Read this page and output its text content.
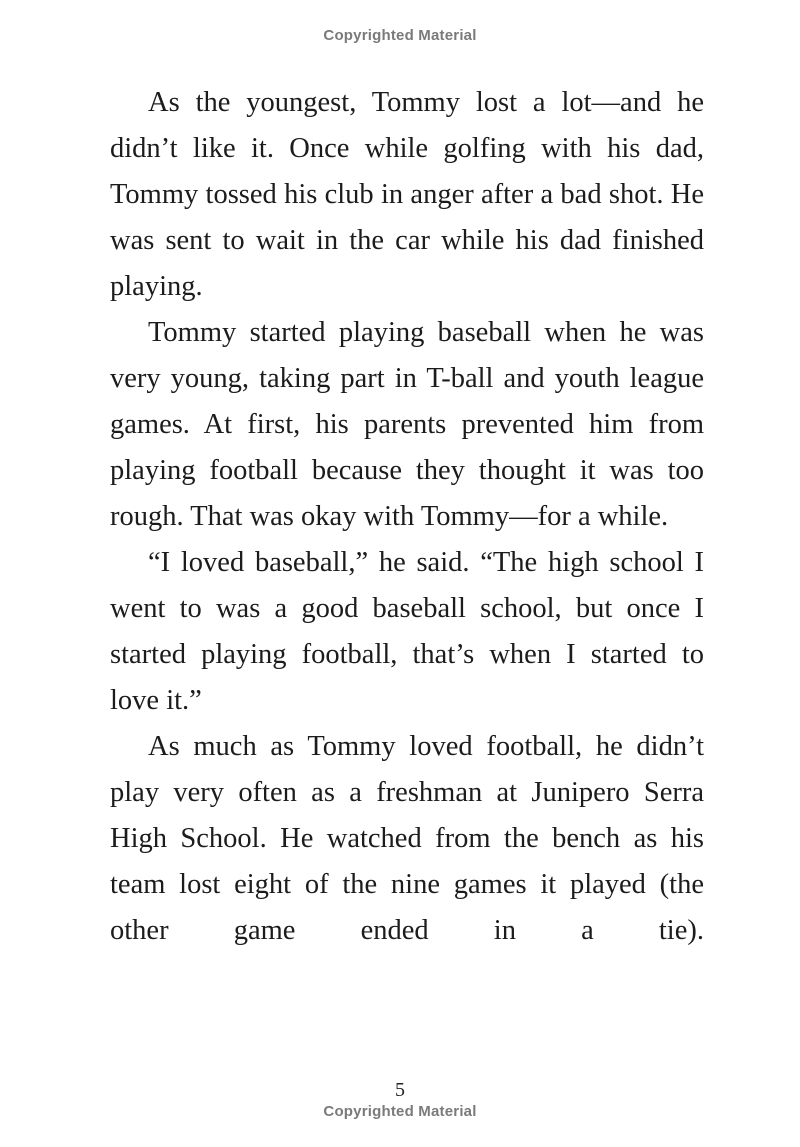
Copyrighted Material

As the youngest, Tommy lost a lot—and he didn’t like it. Once while golfing with his dad, Tommy tossed his club in anger after a bad shot. He was sent to wait in the car while his dad finished playing.

Tommy started playing baseball when he was very young, taking part in T-ball and youth league games. At first, his parents prevented him from playing football because they thought it was too rough. That was okay with Tommy—for a while.

“I loved baseball,” he said. “The high school I went to was a good baseball school, but once I started playing football, that’s when I started to love it.”

As much as Tommy loved football, he didn’t play very often as a freshman at Junipero Serra High School. He watched from the bench as his team lost eight of the nine games it played (the other game ended in a tie).

5
Copyrighted Material
